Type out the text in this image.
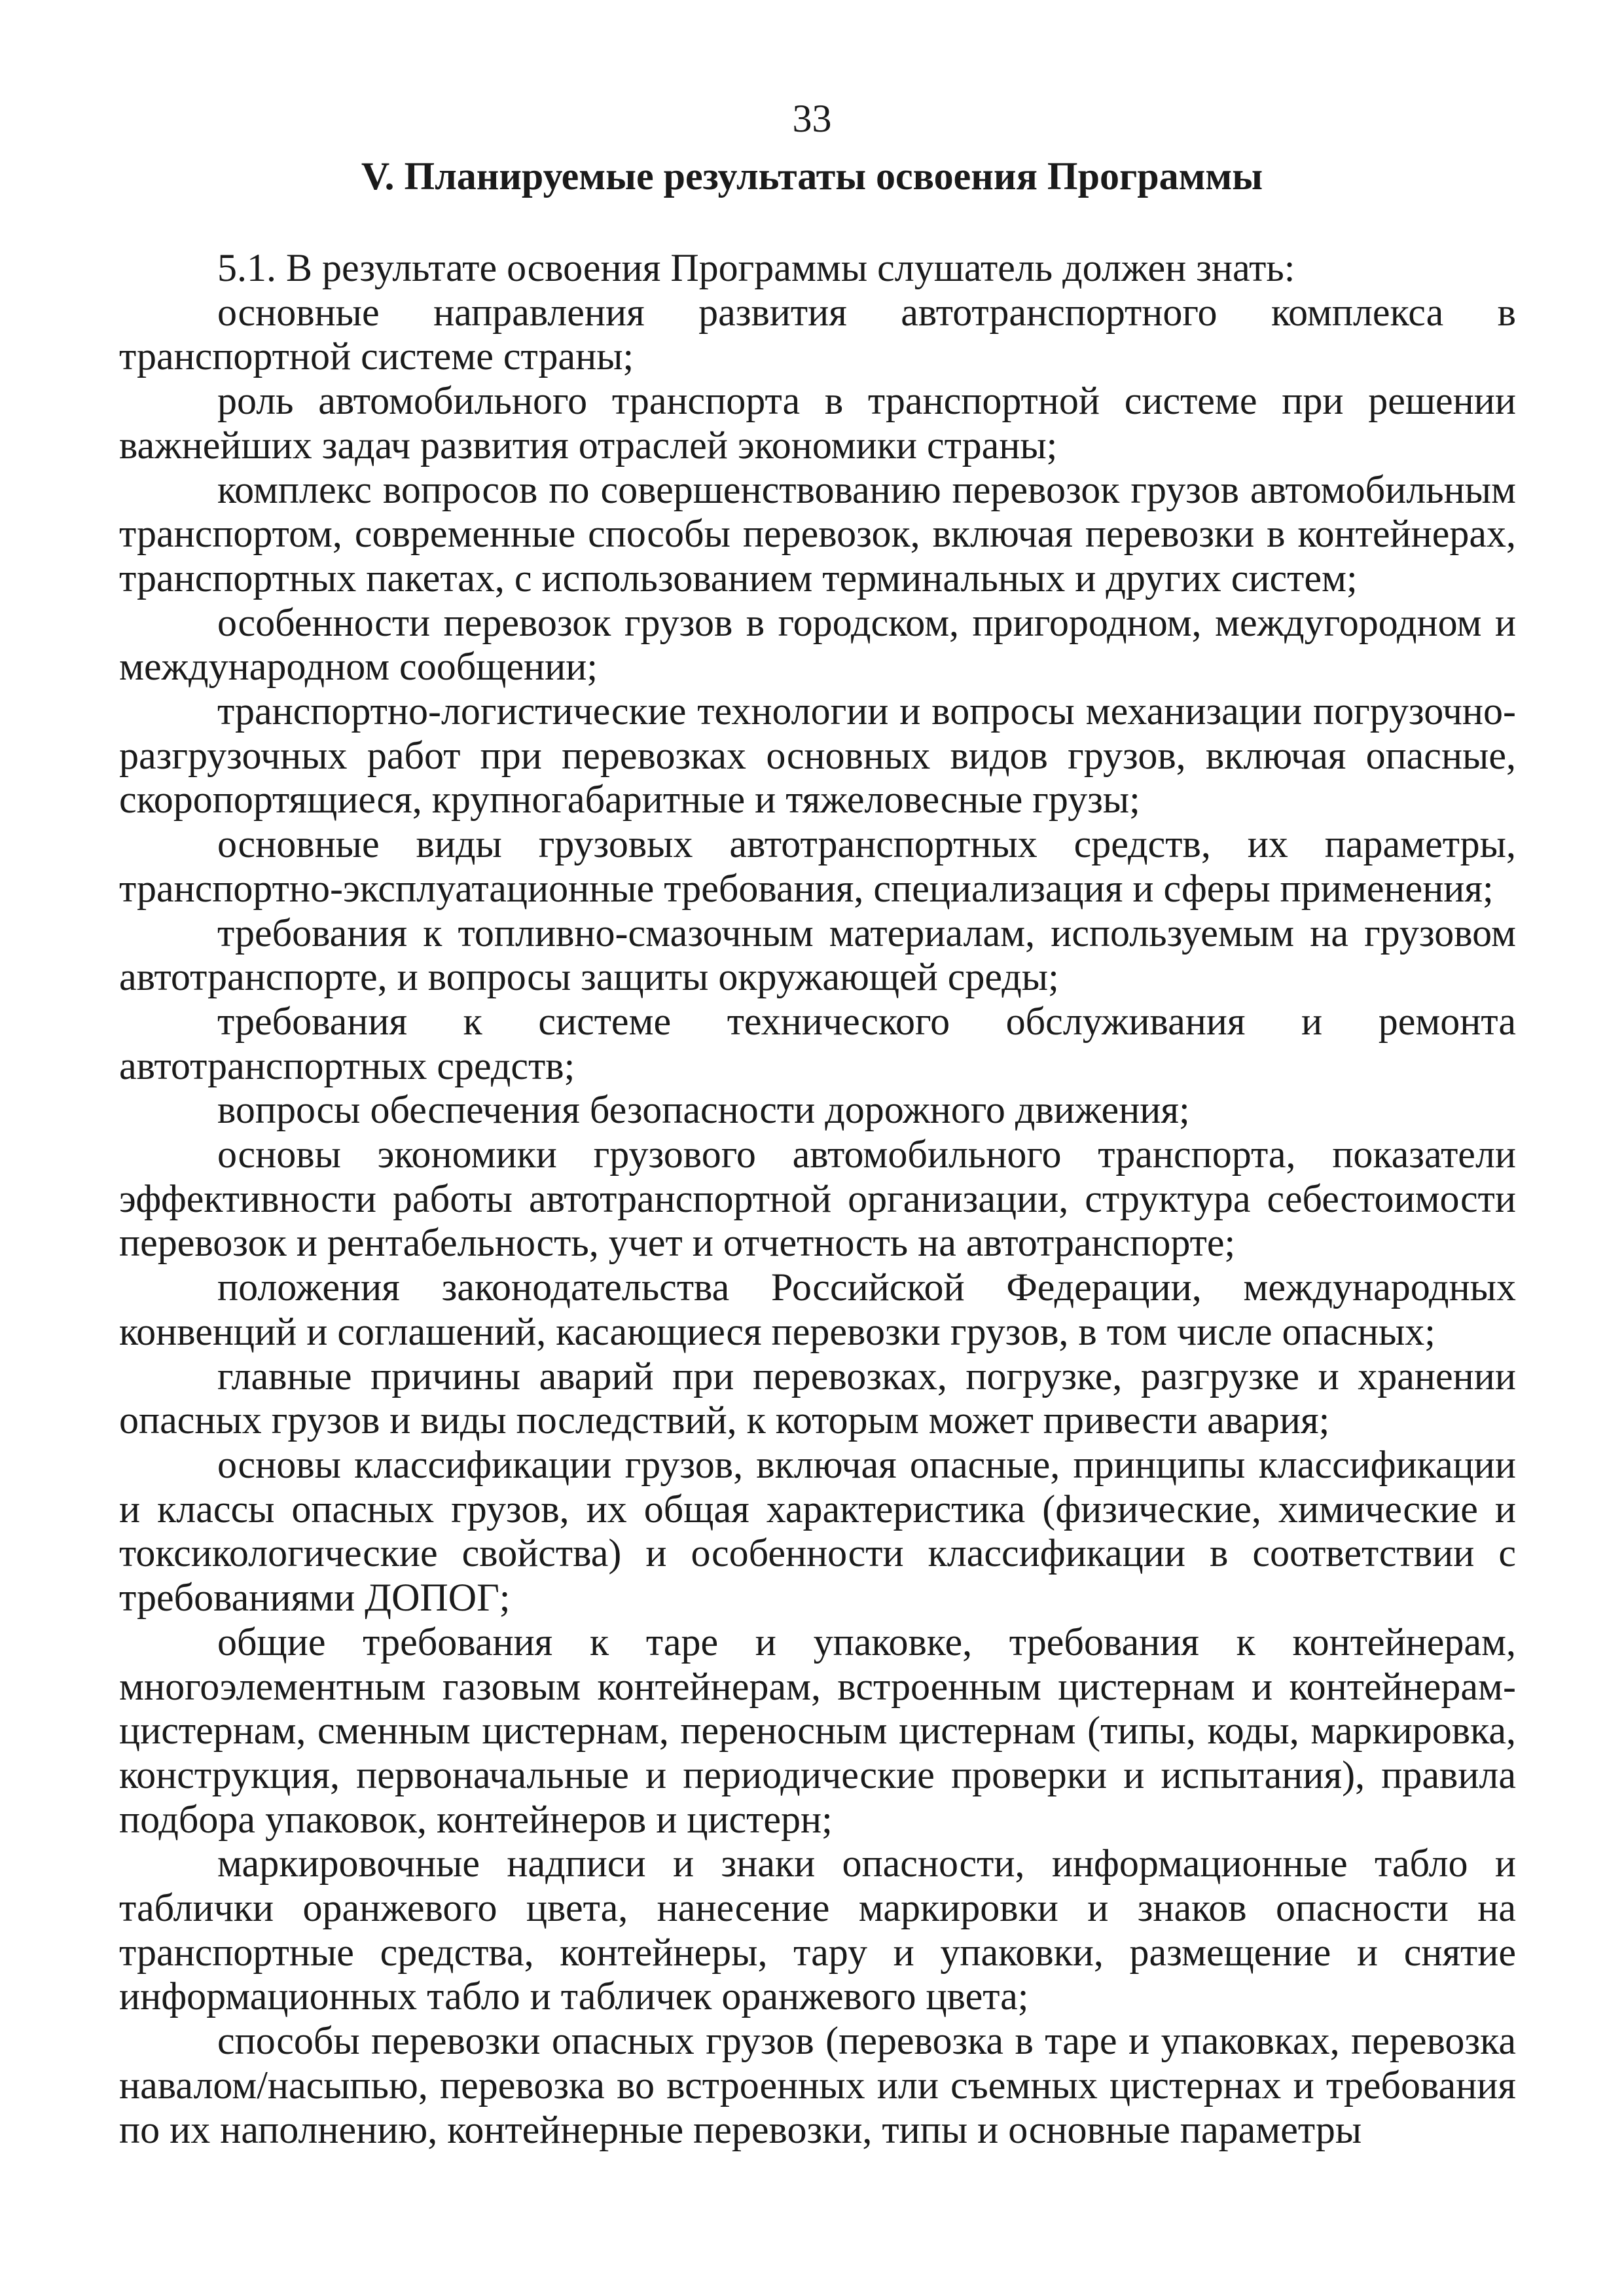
33
V. Планируемые результаты освоения Программы

5.1. В результате освоения Программы слушатель должен знать:

основные направления развития автотранспортного комплекса в транспортной системе страны;

роль автомобильного транспорта в транспортной системе при решении важнейших задач развития отраслей экономики страны;

комплекс вопросов по совершенствованию перевозок грузов автомобильным транспортом, современные способы перевозок, включая перевозки в контейнерах, транспортных пакетах, с использованием терминальных и других систем;

особенности перевозок грузов в городском, пригородном, междугородном и международном сообщении;

транспортно-логистические технологии и вопросы механизации погрузочно-разгрузочных работ при перевозках основных видов грузов, включая опасные, скоропортящиеся, крупногабаритные и тяжеловесные грузы;

основные виды грузовых автотранспортных средств, их параметры, транспортно-эксплуатационные требования, специализация и сферы применения;

требования к топливно-смазочным материалам, используемым на грузовом автотранспорте, и вопросы защиты окружающей среды;

требования к системе технического обслуживания и ремонта автотранспортных средств;

вопросы обеспечения безопасности дорожного движения;

основы экономики грузового автомобильного транспорта, показатели эффективности работы автотранспортной организации, структура себестоимости перевозок и рентабельность, учет и отчетность на автотранспорте;

положения законодательства Российской Федерации, международных конвенций и соглашений, касающиеся перевозки грузов, в том числе опасных;

главные причины аварий при перевозках, погрузке, разгрузке и хранении опасных грузов и виды последствий, к которым может привести авария;

основы классификации грузов, включая опасные, принципы классификации и классы опасных грузов, их общая характеристика (физические, химические и токсикологические свойства) и особенности классификации в соответствии с требованиями ДОПОГ;

общие требования к таре и упаковке, требования к контейнерам, многоэлементным газовым контейнерам, встроенным цистернам и контейнерам-цистернам, сменным цистернам, переносным цистернам (типы, коды, маркировка, конструкция, первоначальные и периодические проверки и испытания), правила подбора упаковок, контейнеров и цистерн;

маркировочные надписи и знаки опасности, информационные табло и таблички оранжевого цвета, нанесение маркировки и знаков опасности на транспортные средства, контейнеры, тару и упаковки, размещение и снятие информационных табло и табличек оранжевого цвета;

способы перевозки опасных грузов (перевозка в таре и упаковках, перевозка навалом/насыпью, перевозка во встроенных или съемных цистернах и требования по их наполнению, контейнерные перевозки, типы и основные параметры
